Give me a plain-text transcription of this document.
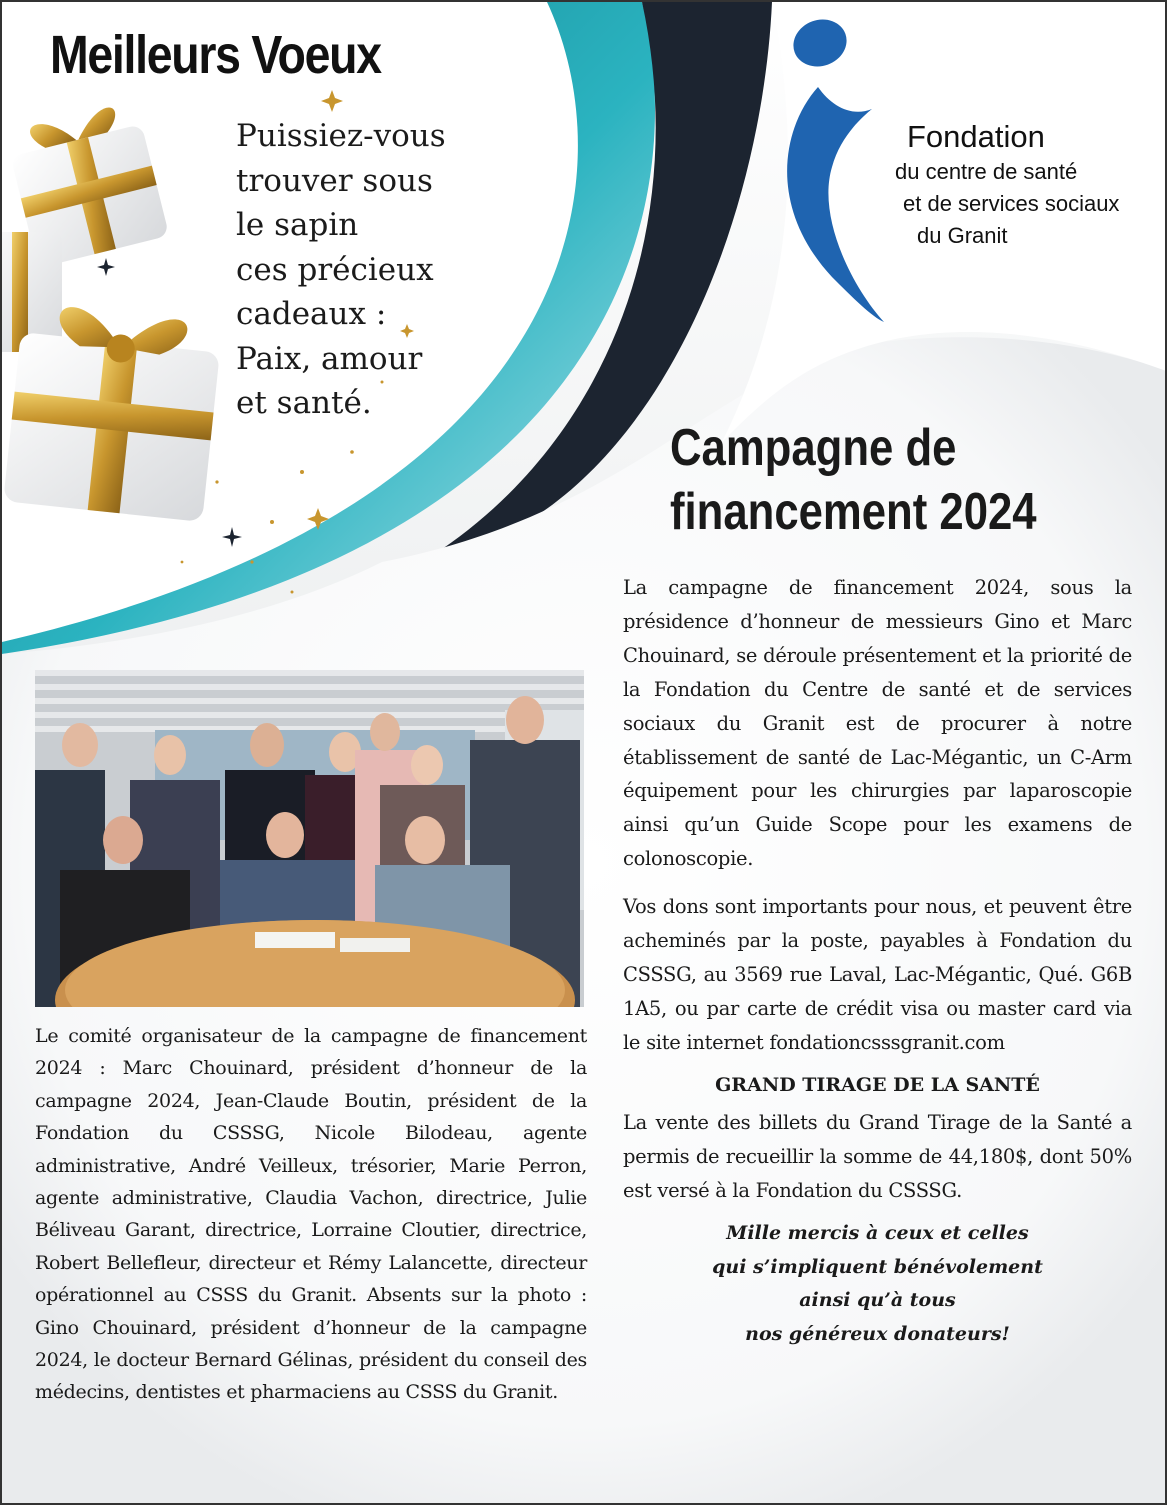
Meilleurs Voeux

Puissiez-vous
trouver sous
le sapin
ces précieux
cadeaux :
Paix, amour
et santé.

Fondation

du centre de santé

et de services sociaux

du Granit

Campagne de
financement 2024

Le comité organisateur de la campagne de financement 2024 : Marc Chouinard, président d’honneur de la campagne 2024, Jean-Claude Boutin, président de la Fondation du CSSSG, Nicole Bilodeau, agente administrative, André Veilleux, trésorier, Marie Perron, agente administrative, Claudia Vachon, directrice, Julie Béliveau Garant, directrice, Lorraine Cloutier, directrice, Robert Bellefleur, directeur et Rémy Lalancette, directeur opérationnel au CSSS du Granit. Absents sur la photo : Gino Chouinard, président d’honneur de la campagne 2024, le docteur Bernard Gélinas, président du conseil des médecins, dentistes et pharmaciens au CSSS du Granit.

La campagne de financement 2024, sous la présidence d’honneur de messieurs Gino et Marc Chouinard, se déroule présentement et la priorité de la Fondation du Centre de santé et de services sociaux du Granit est de procurer à notre établissement de santé de Lac-Mégantic, un C-Arm équipement pour les chirurgies par laparoscopie ainsi qu’un Guide Scope pour les examens de colonoscopie.

Vos dons sont importants pour nous, et peuvent être acheminés par la poste, payables à Fondation du CSSSG, au 3569 rue Laval, Lac-Mégantic, Qué. G6B 1A5, ou par carte de crédit visa ou master card via le site internet fondationcsssgranit.com

GRAND TIRAGE DE LA SANTÉ

La vente des billets du Grand Tirage de la Santé a permis de recueillir la somme de 44,180$, dont 50% est versé à la Fondation du CSSSG.

Mille mercis à ceux et celles
qui s’impliquent bénévolement
ainsi qu’à tous
nos généreux donateurs!
